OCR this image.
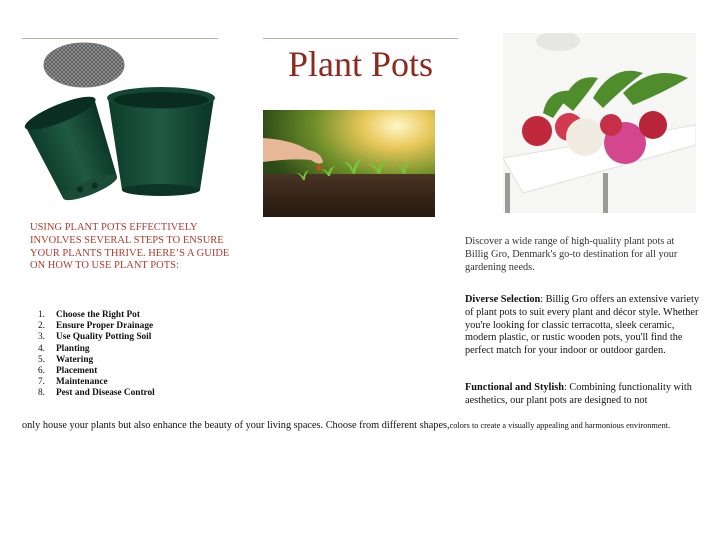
Plant Pots
USING PLANT POTS EFFECTIVELY INVOLVES SEVERAL STEPS TO ENSURE YOUR PLANTS THRIVE. HERE’S A GUIDE ON HOW TO USE PLANT POTS:
1. Choose the Right Pot
2. Ensure Proper Drainage
3. Use Quality Potting Soil
4. Planting
5. Watering
6. Placement
7. Maintenance
8. Pest and Disease Control
Discover a wide range of high-quality plant pots at Billig Gro, Denmark's go-to destination for all your gardening needs.
Diverse Selection: Billig Gro offers an extensive variety of plant pots to suit every plant and décor style. Whether you're looking for classic terracotta, sleek ceramic, modern plastic, or rustic wooden pots, you'll find the perfect match for your indoor or outdoor garden.
Functional and Stylish: Combining functionality with aesthetics, our plant pots are designed to not
only house your plants but also enhance the beauty of your living spaces. Choose from different shapes,colors to create a visually appealing and harmonious environment.
